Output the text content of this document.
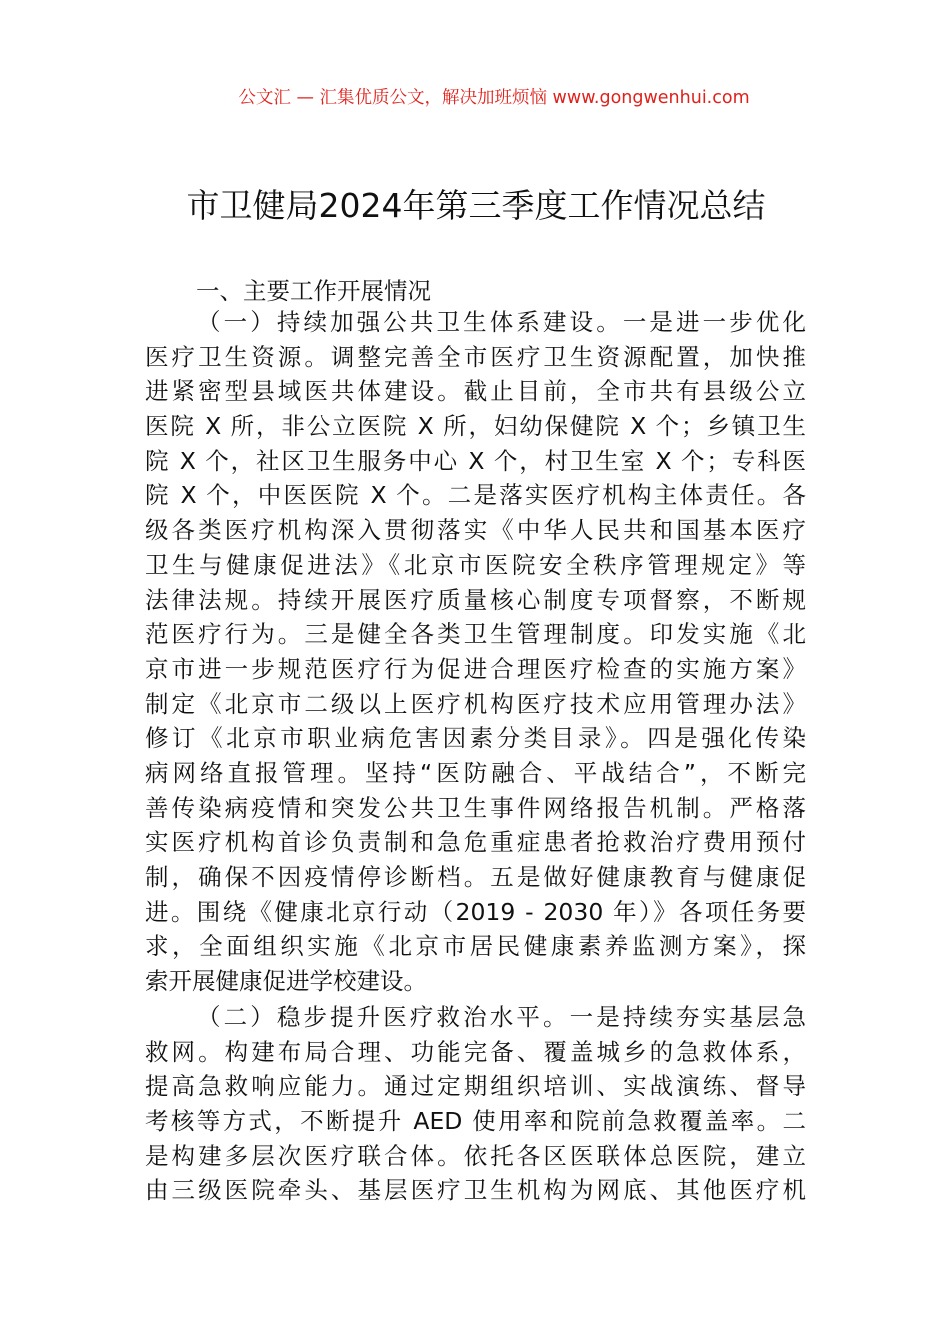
公文汇 — 汇集优质公文，解决加班烦恼 www.gongwenhui.com
市卫健局2024年第三季度工作情况总结
一、主要工作开展情况
（一）持续加强公共卫生体系建设。一是进一步优化
医疗卫生资源。调整完善全市医疗卫生资源配置，加快推
进紧密型县域医共体建设。截止目前，全市共有县级公立
医院 X 所，非公立医院 X 所，妇幼保健院 X 个；乡镇卫生
院 X 个，社区卫生服务中心 X 个，村卫生室 X 个；专科医
院 X 个，中医医院 X 个。二是落实医疗机构主体责任。各
级各类医疗机构深入贯彻落实《中华人民共和国基本医疗
卫生与健康促进法》《北京市医院安全秩序管理规定》等
法律法规。持续开展医疗质量核心制度专项督察，不断规
范医疗行为。三是健全各类卫生管理制度。印发实施《北
京市进一步规范医疗行为促进合理医疗检查的实施方案》
制定《北京市二级以上医疗机构医疗技术应用管理办法》
修订《北京市职业病危害因素分类目录》。四是强化传染
病网络直报管理。坚持“医防融合、平战结合”，不断完
善传染病疫情和突发公共卫生事件网络报告机制。严格落
实医疗机构首诊负责制和急危重症患者抢救治疗费用预付
制，确保不因疫情停诊断档。五是做好健康教育与健康促
进。围绕《健康北京行动（2019 - 2030 年）》各项任务要
求，全面组织实施《北京市居民健康素养监测方案》，探
索开展健康促进学校建设。
（二）稳步提升医疗救治水平。一是持续夯实基层急
救网。构建布局合理、功能完备、覆盖城乡的急救体系，
提高急救响应能力。通过定期组织培训、实战演练、督导
考核等方式，不断提升 AED 使用率和院前急救覆盖率。二
是构建多层次医疗联合体。依托各区医联体总医院，建立
由三级医院牵头、基层医疗卫生机构为网底、其他医疗机
